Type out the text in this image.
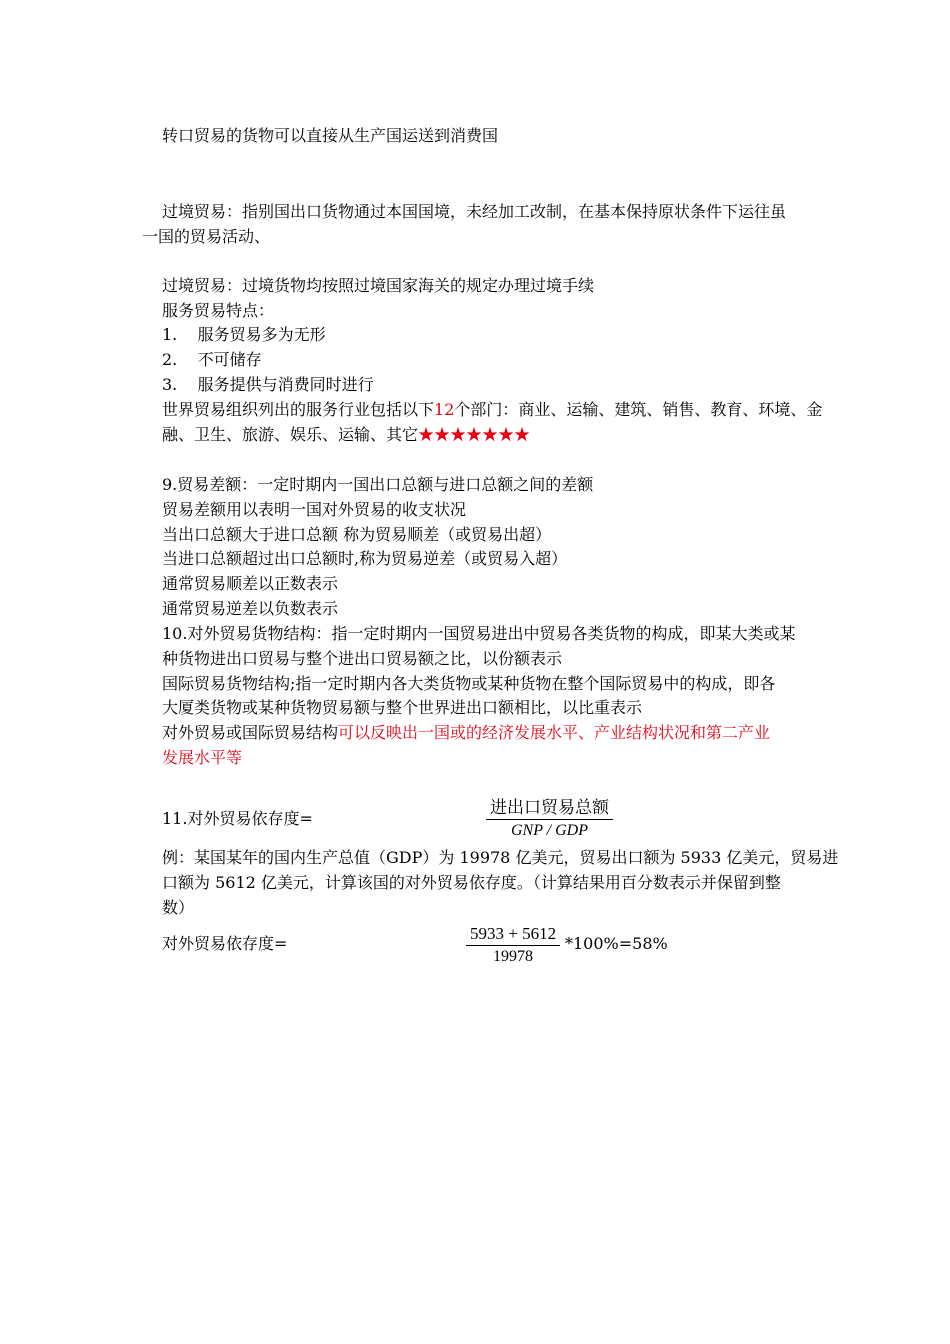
转口贸易的货物可以直接从生产国运送到消费国
过境贸易：指别国出口货物通过本国国境，未经加工改制，在基本保持原状条件下运往虽
一国的贸易活动、
过境贸易：过境货物均按照过境国家海关的规定办理过境手续
服务贸易特点：
1.    服务贸易多为无形
2.    不可储存
3.    服务提供与消费同时进行
世界贸易组织列出的服务行业包括以下12个部门：商业、运输、建筑、销售、教育、环境、金
融、卫生、旅游、娱乐、运输、其它★★★★★★★
9.贸易差额：一定时期内一国出口总额与进口总额之间的差额
贸易差额用以表明一国对外贸易的收支状况
当出口总额大于进口总额 称为贸易顺差（或贸易出超）
当进口总额超过出口总额时,称为贸易逆差（或贸易入超）
通常贸易顺差以正数表示
通常贸易逆差以负数表示
10.对外贸易货物结构：指一定时期内一国贸易进出中贸易各类货物的构成，即某大类或某
种货物进出口贸易与整个进出口贸易额之比，以份额表示
国际贸易货物结构;指一定时期内各大类货物或某种货物在整个国际贸易中的构成，即各
大厦类货物或某种货物贸易额与整个世界进出口额相比，以比重表示
对外贸易或国际贸易结构可以反映出一国或的经济发展水平、产业结构状况和第二产业
发展水平等
11.对外贸易依存度=
进出口贸易总额
GNP / GDP
例：某国某年的国内生产总值（GDP）为 19978 亿美元，贸易出口额为 5933 亿美元，贸易进
口额为 5612 亿美元，计算该国的对外贸易依存度。（计算结果用百分数表示并保留到整
数）
对外贸易依存度=
5933 + 5612
19978
*100%=58%
